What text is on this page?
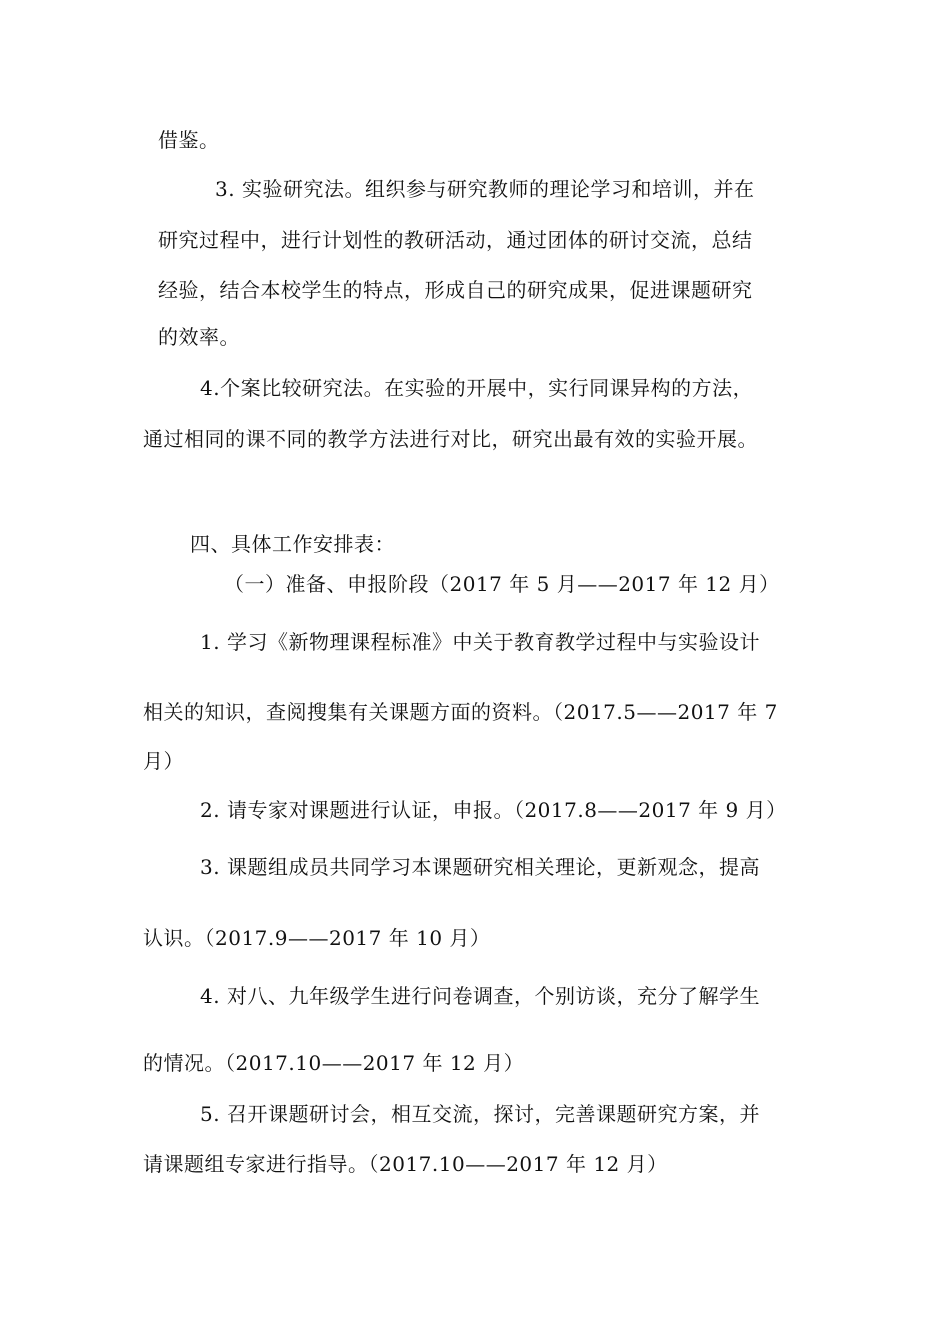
借鉴。
3. 实验研究法。组织参与研究教师的理论学习和培训，并在
研究过程中，进行计划性的教研活动，通过团体的研讨交流，总结
经验，结合本校学生的特点，形成自己的研究成果，促进课题研究
的效率。
4.个案比较研究法。在实验的开展中，实行同课异构的方法，
通过相同的课不同的教学方法进行对比，研究出最有效的实验开展。
四、具体工作安排表：
（一）准备、申报阶段（2017 年 5 月——2017 年 12 月）
1. 学习《新物理课程标准》中关于教育教学过程中与实验设计
相关的知识，查阅搜集有关课题方面的资料。（2017.5——2017 年 7
月）
2. 请专家对课题进行认证，申报。（2017.8——2017 年 9 月）
3. 课题组成员共同学习本课题研究相关理论，更新观念，提高
认识。（2017.9——2017 年 10 月）
4. 对八、九年级学生进行问卷调查，个别访谈，充分了解学生
的情况。（2017.10——2017 年 12 月）
5. 召开课题研讨会，相互交流，探讨，完善课题研究方案，并
请课题组专家进行指导。（2017.10——2017 年 12 月）
